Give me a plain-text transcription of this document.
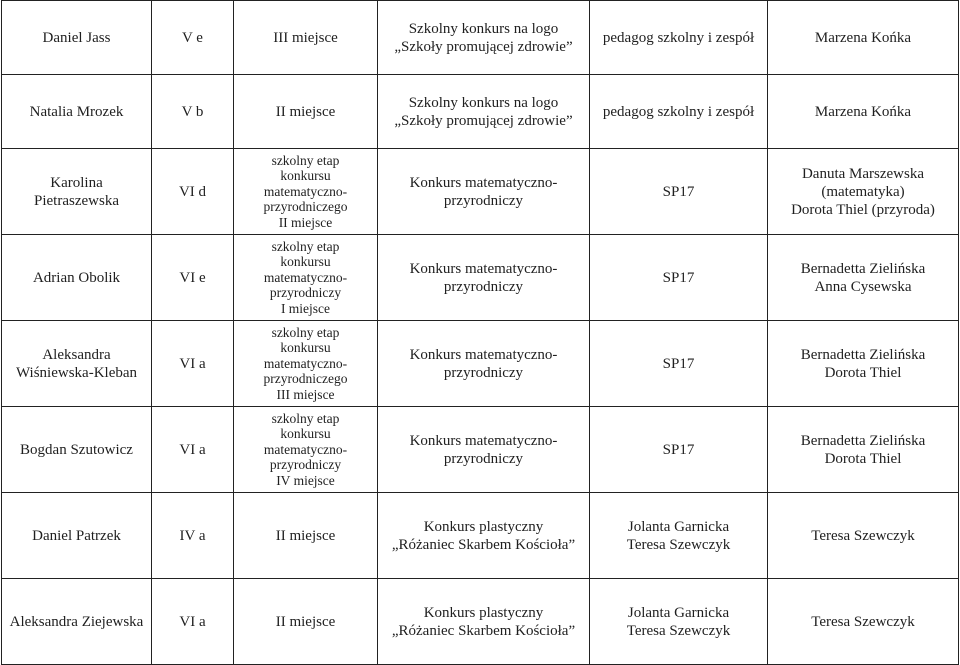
Daniel Jass	V e	III miejsce	Szkolny konkurs na logo
„Szkoły promującej zdrowie”	pedagog szkolny i zespół	Marzena Końka
Natalia Mrozek	V b	II miejsce	Szkolny konkurs na logo
„Szkoły promującej zdrowie”	pedagog szkolny i zespół	Marzena Końka
Karolina Pietraszewska	VI d	szkolny etap
konkursu
matematyczno-
przyrodniczego
II miejsce	Konkurs matematyczno-
przyrodniczy	SP17	Danuta Marszewska (matematyka)
Dorota Thiel (przyroda)
Adrian Obolik	VI e	szkolny etap
konkursu
matematyczno-
przyrodniczy
I miejsce	Konkurs matematyczno-
przyrodniczy	SP17	Bernadetta Zielińska
Anna Cysewska
Aleksandra
Wiśniewska-Kleban	VI a	szkolny etap
konkursu
matematyczno-
przyrodniczego
III miejsce	Konkurs matematyczno-
przyrodniczy	SP17	Bernadetta Zielińska
Dorota Thiel
Bogdan Szutowicz	VI a	szkolny etap
konkursu
matematyczno-
przyrodniczy
IV miejsce	Konkurs matematyczno-
przyrodniczy	SP17	Bernadetta Zielińska
Dorota Thiel
Daniel Patrzek	IV a	II miejsce	Konkurs plastyczny
„Różaniec Skarbem Kościoła”	Jolanta Garnicka
Teresa Szewczyk	Teresa Szewczyk
Aleksandra Ziejewska	VI a	II miejsce	Konkurs plastyczny
„Różaniec Skarbem Kościoła”	Jolanta Garnicka
Teresa Szewczyk	Teresa Szewczyk
